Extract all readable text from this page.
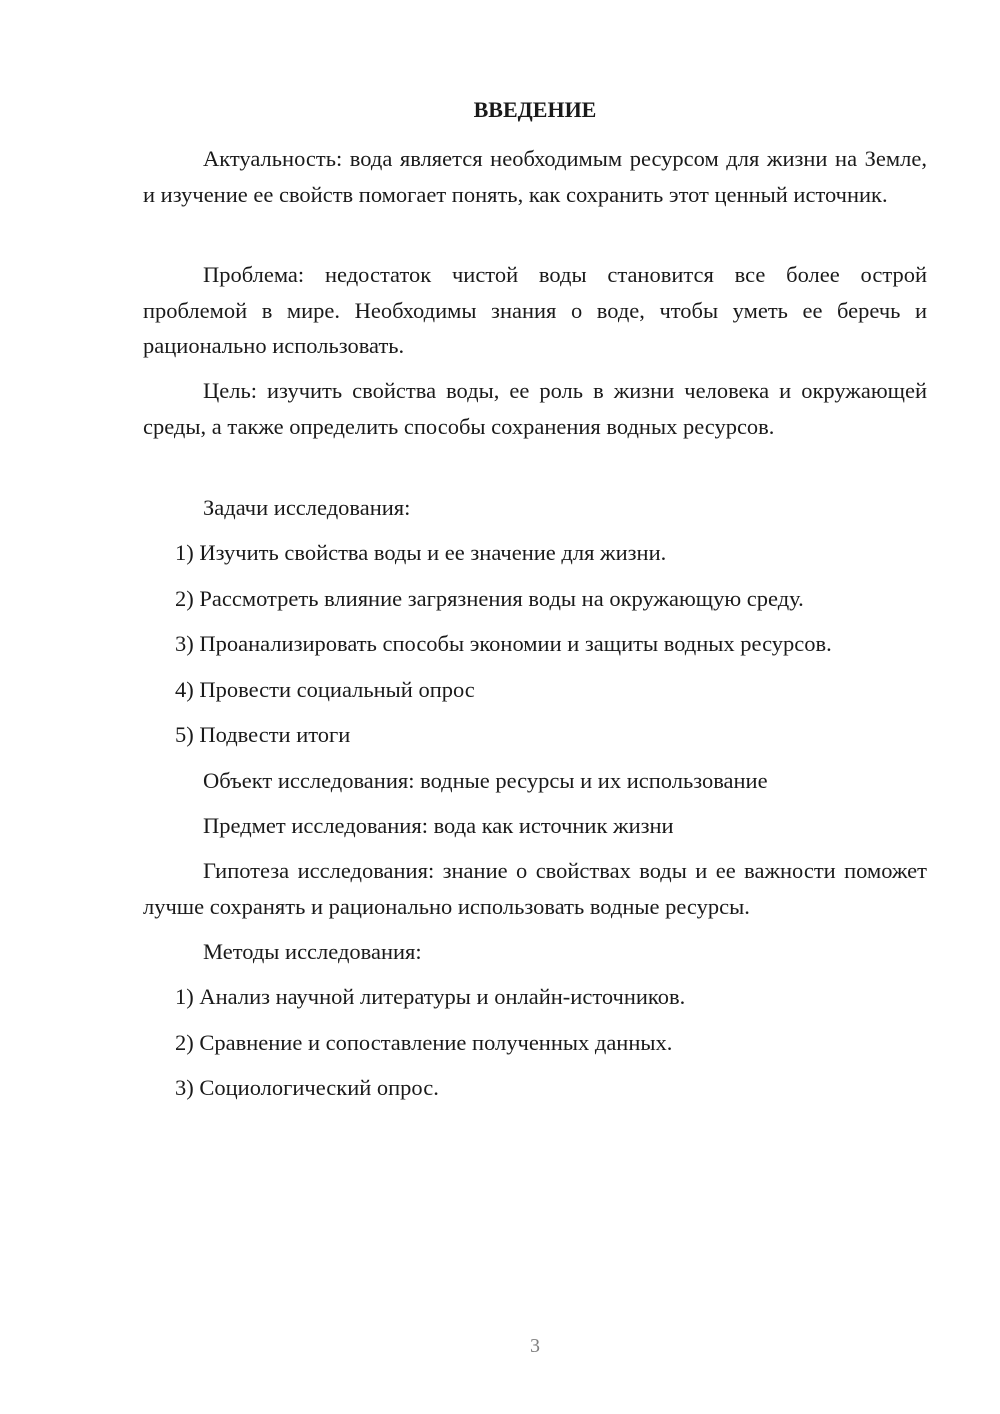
ВВЕДЕНИЕ

Актуальность: вода является необходимым ресурсом для жизни на Земле, и изучение ее свойств помогает понять, как сохранить этот ценный источник.

Проблема: недостаток чистой воды становится все более острой проблемой в мире. Необходимы знания о воде, чтобы уметь ее беречь и рационально использовать.

Цель: изучить свойства воды, ее роль в жизни человека и окружающей среды, а также определить способы сохранения водных ресурсов.

Задачи исследования:

1) Изучить свойства воды и ее значение для жизни.

2) Рассмотреть влияние загрязнения воды на окружающую среду.

3) Проанализировать способы экономии и защиты водных ресурсов.

4) Провести социальный опрос

5) Подвести итоги

Объект исследования: водные ресурсы и их использование

Предмет исследования: вода как источник жизни

Гипотеза исследования: знание о свойствах воды и ее важности поможет лучше сохранять и рационально использовать водные ресурсы.

Методы исследования:

1) Анализ научной литературы и онлайн-источников.

2) Сравнение и сопоставление полученных данных.

3) Социологический опрос.

3
